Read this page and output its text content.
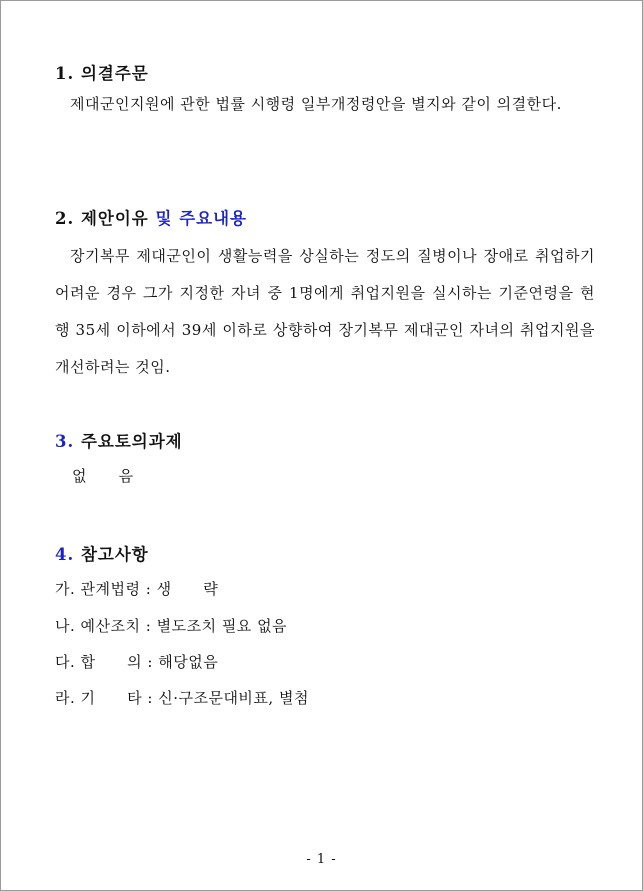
1. 의결주문
제대군인지원에 관한 법률 시행령 일부개정령안을 별지와 같이 의결한다.
2. 제안이유 및 주요내용
장기복무 제대군인이 생활능력을 상실하는 정도의 질병이나 장애로 취업하기 어려운 경우 그가 지정한 자녀 중 1명에게 취업지원을 실시하는 기준연령을 현행 35세 이하에서 39세 이하로 상향하여 장기복무 제대군인 자녀의 취업지원을 개선하려는 것임.
3. 주요토의과제
없      음
4. 참고사항
가. 관계법령 : 생      략
나. 예산조치 : 별도조치 필요 없음
다. 합      의 : 해당없음
라. 기      타 : 신·구조문대비표, 별첨
- 1 -
